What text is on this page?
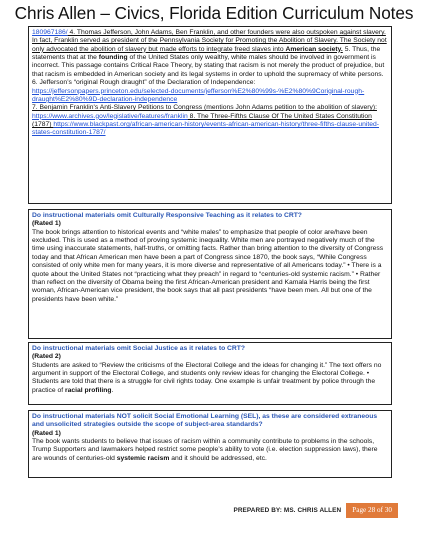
Chris Allen – Civics, Florida Edition Curriculum Notes

180967186/ 4. Thomas Jefferson, John Adams, Ben Franklin, and other founders were also outspoken against slavery. In fact, Franklin served as president of the Pennsylvania Society for Promoting the Abolition of Slavery. The Society not only advocated the abolition of slavery but made efforts to integrate freed slaves into American society. 5. Thus, the statements that at the founding of the United States only wealthy, white males should be involved in government is incorrect. This passage contains Critical Race Theory, by stating that racism is not merely the product of prejudice, but that racism is embedded in American society and its legal systems in order to uphold the supremacy of white persons. 6. Jefferson’s “original Rough draught” of the Declaration of Independence: https://jeffersonpapers.princeton.edu/selected-documents/jefferson%E2%80%99s-%E2%80%9Coriginal-rough-draught%E2%80%9D-declaration-independence

7. Benjamin Franklin's Anti-Slavery Petitions to Congress (mentions John Adams petition to the abolition of slavery): https://www.archives.gov/legislative/features/franklin 8. The Three-Fifths Clause Of The United States Constitution (1787) https://www.blackpast.org/african-american-history/events-african-american-history/three-fifths-clause-united-states-constitution-1787/

Do instructional materials omit Culturally Responsive Teaching as it relates to CRT?

(Rated 1)

The book brings attention to historical events and “white males” to emphasize that people of color are/have been excluded. This is used as a method of proving systemic inequality. White men are portrayed negatively much of the time using inaccurate statements, half-truths, or omitting facts. Rather than bring attention to the diversity of Congress today and that African American men have been a part of Congress since 1870, the book says, “While Congress consisted of only white men for many years, it is more diverse and representative of all Americans today.” • There is a quote about the United States not “practicing what they preach” in regard to “centuries-old systemic racism.” • Rather than reflect on the diversity of Obama being the first African-American president and Kamala Harris being the first woman, African-American vice president, the book says that all past presidents “have been men. All but one of the presidents have been white.”

Do instructional materials omit Social Justice as it relates to CRT?

(Rated 2)

Students are asked to “Review the criticisms of the Electoral College and the ideas for changing it.” The text offers no argument in support of the Electoral College, and students only review ideas for changing the Electoral College. • Students are told that there is a struggle for civil rights today. One example is unfair treatment by police through the practice of racial profiling.

Do instructional materials NOT solicit Social Emotional Learning (SEL), as these are considered extraneous and unsolicited strategies outside the scope of subject-area standards?

(Rated 1)

The book wants students to believe that issues of racism within a community contribute to problems in the schools, Trump Supporters and lawmakers helped restrict some people’s ability to vote (i.e. election suppression laws), there are wounds of centuries-old systemic racism and it should be addressed, etc.

PREPARED BY: MS. CHRIS ALLEN	Page 28 of 30
